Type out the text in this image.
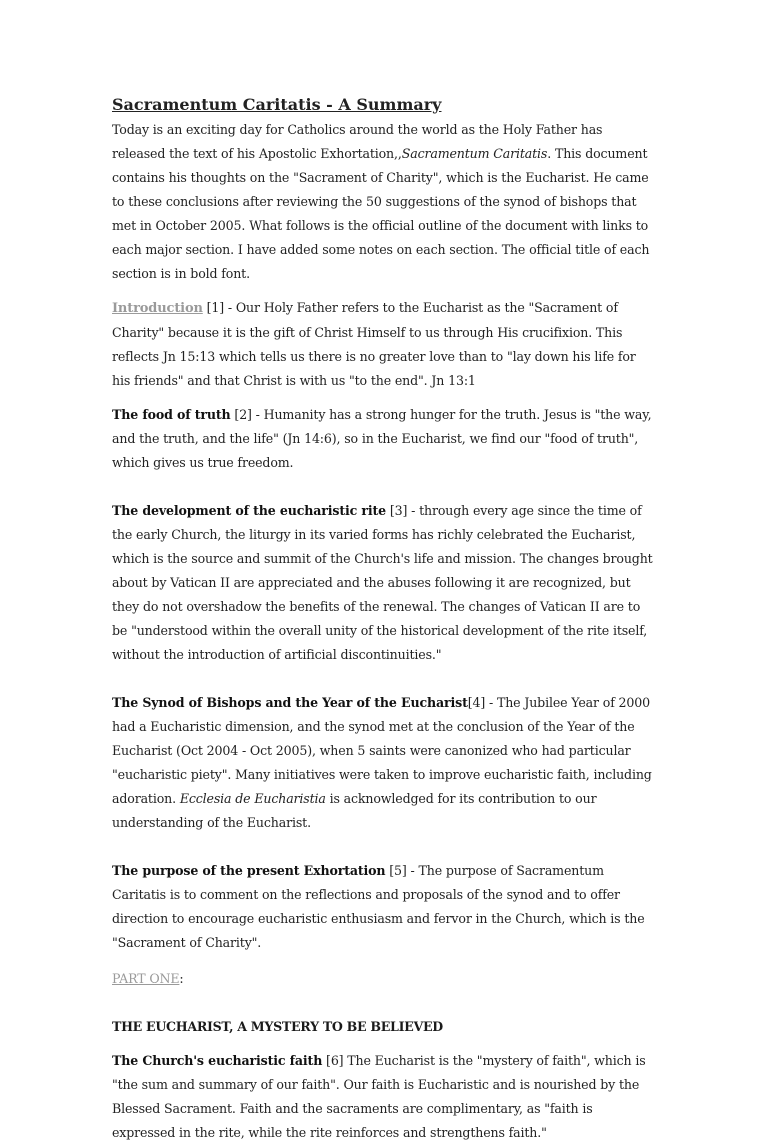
Sacramentum Caritatis - A Summary

Today is an exciting day for Catholics around the world as the Holy Father has released the text of his Apostolic Exhortation,,Sacramentum Caritatis. This document contains his thoughts on the "Sacrament of Charity", which is the Eucharist. He came to these conclusions after reviewing the 50 suggestions of the synod of bishops that met in October 2005. What follows is the official outline of the document with links to each major section. I have added some notes on each section. The official title of each section is in bold font.

Introduction [1] - Our Holy Father refers to the Eucharist as the "Sacrament of Charity" because it is the gift of Christ Himself to us through His crucifixion. This reflects Jn 15:13 which tells us there is no greater love than to "lay down his life for his friends" and that Christ is with us "to the end". Jn 13:1

The food of truth [2] - Humanity has a strong hunger for the truth. Jesus is "the way, and the truth, and the life" (Jn 14:6), so in the Eucharist, we find our "food of truth", which gives us true freedom.

The development of the eucharistic rite [3] - through every age since the time of the early Church, the liturgy in its varied forms has richly celebrated the Eucharist, which is the source and summit of the Church's life and mission. The changes brought about by Vatican II are appreciated and the abuses following it are recognized, but they do not overshadow the benefits of the renewal. The changes of Vatican II are to be "understood within the overall unity of the historical development of the rite itself, without the introduction of artificial discontinuities."

The Synod of Bishops and the Year of the Eucharist[4] - The Jubilee Year of 2000 had a Eucharistic dimension, and the synod met at the conclusion of the Year of the Eucharist (Oct 2004 - Oct 2005), when 5 saints were canonized who had particular "eucharistic piety". Many initiatives were taken to improve eucharistic faith, including adoration. Ecclesia de Eucharistia is acknowledged for its contribution to our understanding of the Eucharist.

The purpose of the present Exhortation [5] - The purpose of Sacramentum Caritatis is to comment on the reflections and proposals of the synod and to offer direction to encourage eucharistic enthusiasm and fervor in the Church, which is the "Sacrament of Charity".

PART ONE:

THE EUCHARIST, A MYSTERY TO BE BELIEVED

The Church's eucharistic faith [6] The Eucharist is the "mystery of faith", which is "the sum and summary of our faith". Our faith is Eucharistic and is nourished by the Blessed Sacrament. Faith and the sacraments are complimentary, as "faith is expressed in the rite, while the rite reinforces and strengthens faith."
